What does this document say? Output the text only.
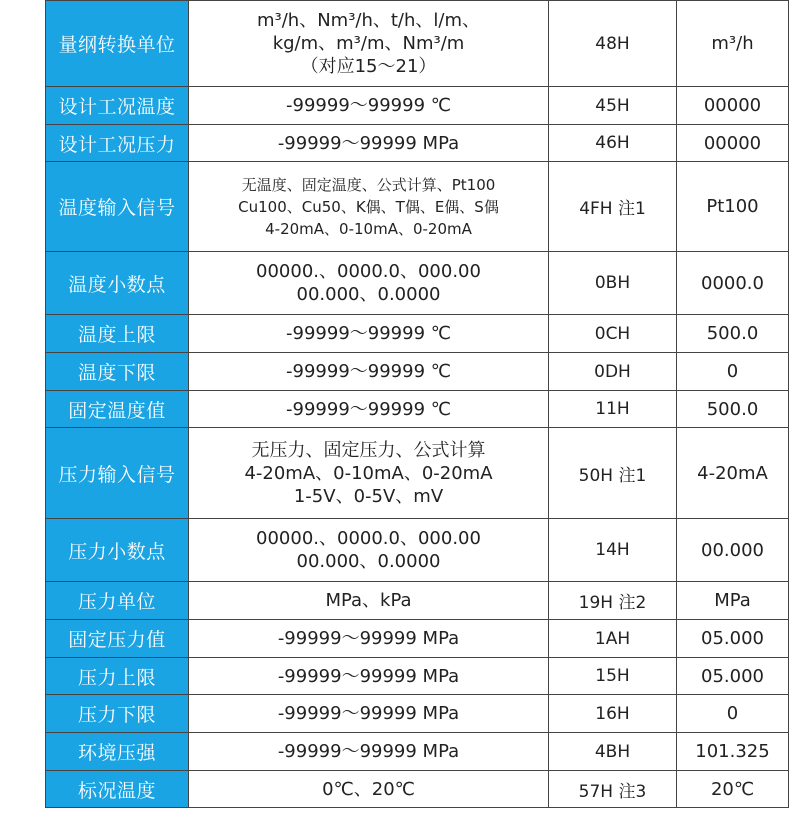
量纲转换单位	m³/h、Nm³/h、t/h、l/m、
kg/m、m³/m、Nm³/m
（对应15～21）	48H	m³/h
设计工况温度	-99999～99999 ℃	45H	00000
设计工况压力	-99999～99999 MPa	46H	00000
温度输入信号	无温度、固定温度、公式计算、Pt100
Cu100、Cu50、K偶、T偶、E偶、S偶
4-20mA、0-10mA、0-20mA	4FH 注1	Pt100
温度小数点	00000.、0000.0、000.00
00.000、0.0000	0BH	0000.0
温度上限	-99999～99999 ℃	0CH	500.0
温度下限	-99999～99999 ℃	0DH	0
固定温度值	-99999～99999 ℃	11H	500.0
压力输入信号	无压力、固定压力、公式计算
4-20mA、0-10mA、0-20mA
1-5V、0-5V、mV	50H 注1	4-20mA
压力小数点	00000.、0000.0、000.00
00.000、0.0000	14H	00.000
压力单位	MPa、kPa	19H 注2	MPa
固定压力值	-99999～99999 MPa	1AH	05.000
压力上限	-99999～99999 MPa	15H	05.000
压力下限	-99999～99999 MPa	16H	0
环境压强	-99999～99999 MPa	4BH	101.325
标况温度	0℃、20℃	57H 注3	20℃
